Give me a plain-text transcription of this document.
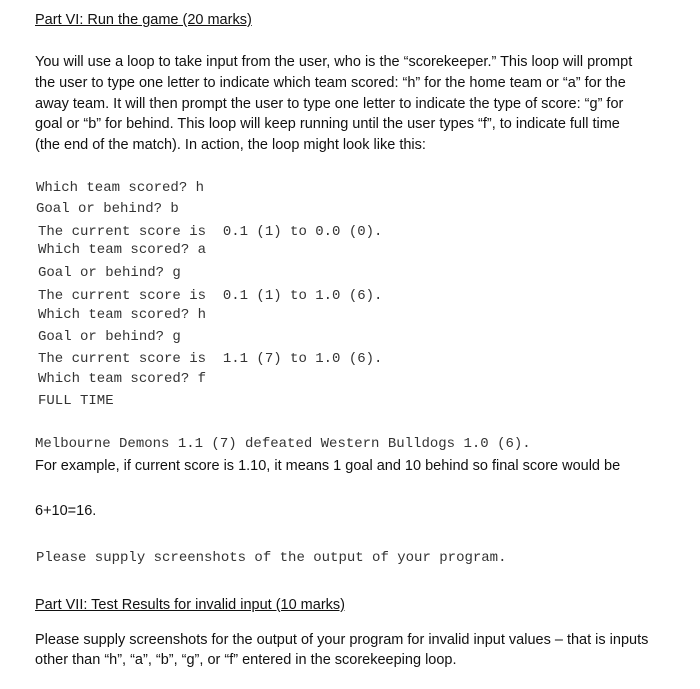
Part VI: Run the game (20 marks)
You will use a loop to take input from the user, who is the “scorekeeper.” This loop will prompt
the user to type one letter to indicate which team scored: “h” for the home team or “a” for the
away team. It will then prompt the user to type one letter to indicate the type of score: “g” for
goal or “b” for behind. This loop will keep running until the user types “f”, to indicate full time
(the end of the match). In action, the loop might look like this:
Which team scored? h
Goal or behind? b
The current score is  0.1 (1) to 0.0 (0).
Which team scored? a
Goal or behind? g
The current score is  0.1 (1) to 1.0 (6).
Which team scored? h
Goal or behind? g
The current score is  1.1 (7) to 1.0 (6).
Which team scored? f
FULL TIME
Melbourne Demons 1.1 (7) defeated Western Bulldogs 1.0 (6).
For example, if current score is 1.10, it means 1 goal and 10 behind so final score would be
6+10=16.
Please supply screenshots of the output of your program.
Part VII: Test Results for invalid input (10 marks)
Please supply screenshots for the output of your program for invalid input values – that is inputs
other than “h”, “a”, “b”, “g”, or “f” entered in the scorekeeping loop.
